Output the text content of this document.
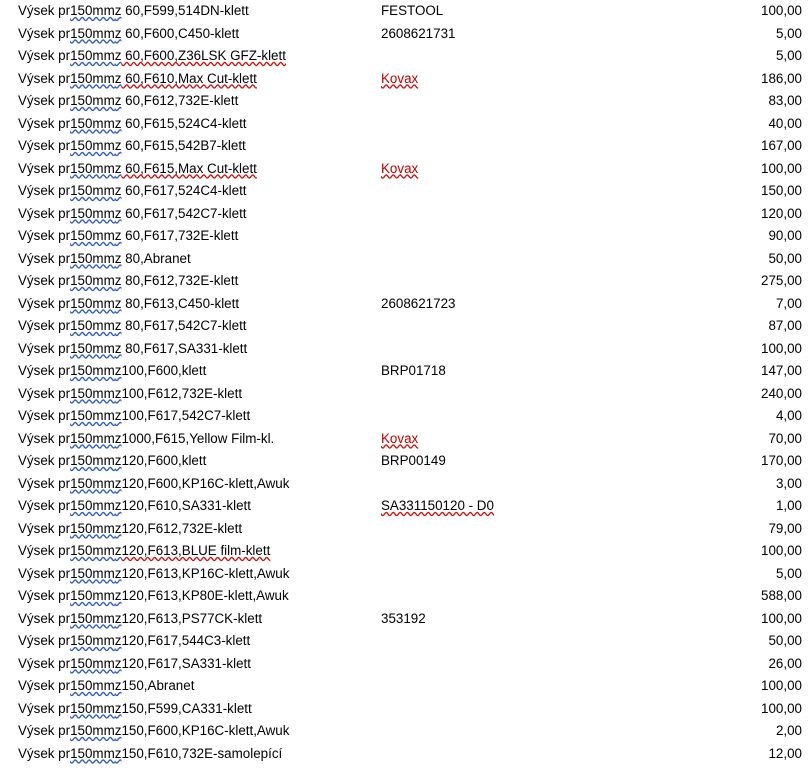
Výsek pr150mmz 60,F599,514DN-klett	FESTOOL	100,00
Výsek pr150mmz 60,F600,C450-klett	2608621731	5,00
Výsek pr150mmz 60,F600,Z36LSK GFZ-klett	5,00
Výsek pr150mmz 60,F610,Max Cut-klett	Kovax	186,00
Výsek pr150mmz 60,F612,732E-klett	83,00
Výsek pr150mmz 60,F615,524C4-klett	40,00
Výsek pr150mmz 60,F615,542B7-klett	167,00
Výsek pr150mmz 60,F615,Max Cut-klett	Kovax	100,00
Výsek pr150mmz 60,F617,524C4-klett	150,00
Výsek pr150mmz 60,F617,542C7-klett	120,00
Výsek pr150mmz 60,F617,732E-klett	90,00
Výsek pr150mmz 80,Abranet	50,00
Výsek pr150mmz 80,F612,732E-klett	275,00
Výsek pr150mmz 80,F613,C450-klett	2608621723	7,00
Výsek pr150mmz 80,F617,542C7-klett	87,00
Výsek pr150mmz 80,F617,SA331-klett	100,00
Výsek pr150mmz100,F600,klett	BRP01718	147,00
Výsek pr150mmz100,F612,732E-klett	240,00
Výsek pr150mmz100,F617,542C7-klett	4,00
Výsek pr150mmz1000,F615,Yellow Film-kl.	Kovax	70,00
Výsek pr150mmz120,F600,klett	BRP00149	170,00
Výsek pr150mmz120,F600,KP16C-klett,Awuk	3,00
Výsek pr150mmz120,F610,SA331-klett	SA331150120 - D0	1,00
Výsek pr150mmz120,F612,732E-klett	79,00
Výsek pr150mmz120,F613,BLUE film-klett	100,00
Výsek pr150mmz120,F613,KP16C-klett,Awuk	5,00
Výsek pr150mmz120,F613,KP80E-klett,Awuk	588,00
Výsek pr150mmz120,F613,PS77CK-klett	353192	100,00
Výsek pr150mmz120,F617,544C3-klett	50,00
Výsek pr150mmz120,F617,SA331-klett	26,00
Výsek pr150mmz150,Abranet	100,00
Výsek pr150mmz150,F599,CA331-klett	100,00
Výsek pr150mmz150,F600,KP16C-klett,Awuk	2,00
Výsek pr150mmz150,F610,732E-samolepící	12,00
